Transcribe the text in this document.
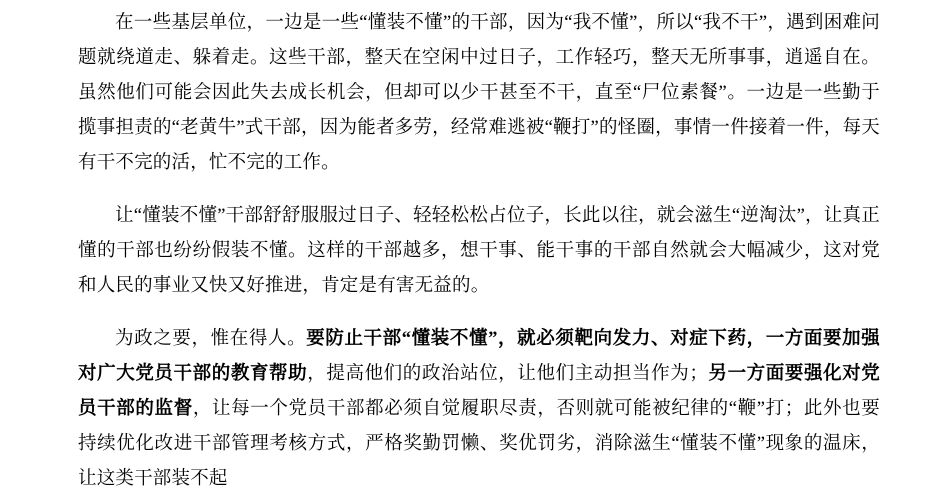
在一些基层单位，一边是一些“懂装不懂”的干部，因为“我不懂”，所以“我不干”，遇到困难问题就绕道走、躲着走。这些干部，整天在空闲中过日子，工作轻巧，整天无所事事，逍遥自在。虽然他们可能会因此失去成长机会，但却可以少干甚至不干，直至“尸位素餐”。一边是一些勤于揽事担责的“老黄牛”式干部，因为能者多劳，经常难逃被“鞭打”的怪圈，事情一件接着一件，每天有干不完的活，忙不完的工作。

让“懂装不懂”干部舒舒服服过日子、轻轻松松占位子，长此以往，就会滋生“逆淘汰”，让真正懂的干部也纷纷假装不懂。这样的干部越多，想干事、能干事的干部自然就会大幅减少，这对党和人民的事业又快又好推进，肯定是有害无益的。

为政之要，惟在得人。要防止干部“懂装不懂”，就必须靶向发力、对症下药，一方面要加强对广大党员干部的教育帮助，提高他们的政治站位，让他们主动担当作为；另一方面要强化对党员干部的监督，让每一个党员干部都必须自觉履职尽责，否则就可能被纪律的“鞭”打；此外也要持续优化改进干部管理考核方式，严格奖勤罚懒、奖优罚劣，消除滋生“懂装不懂”现象的温床，让这类干部装不起
